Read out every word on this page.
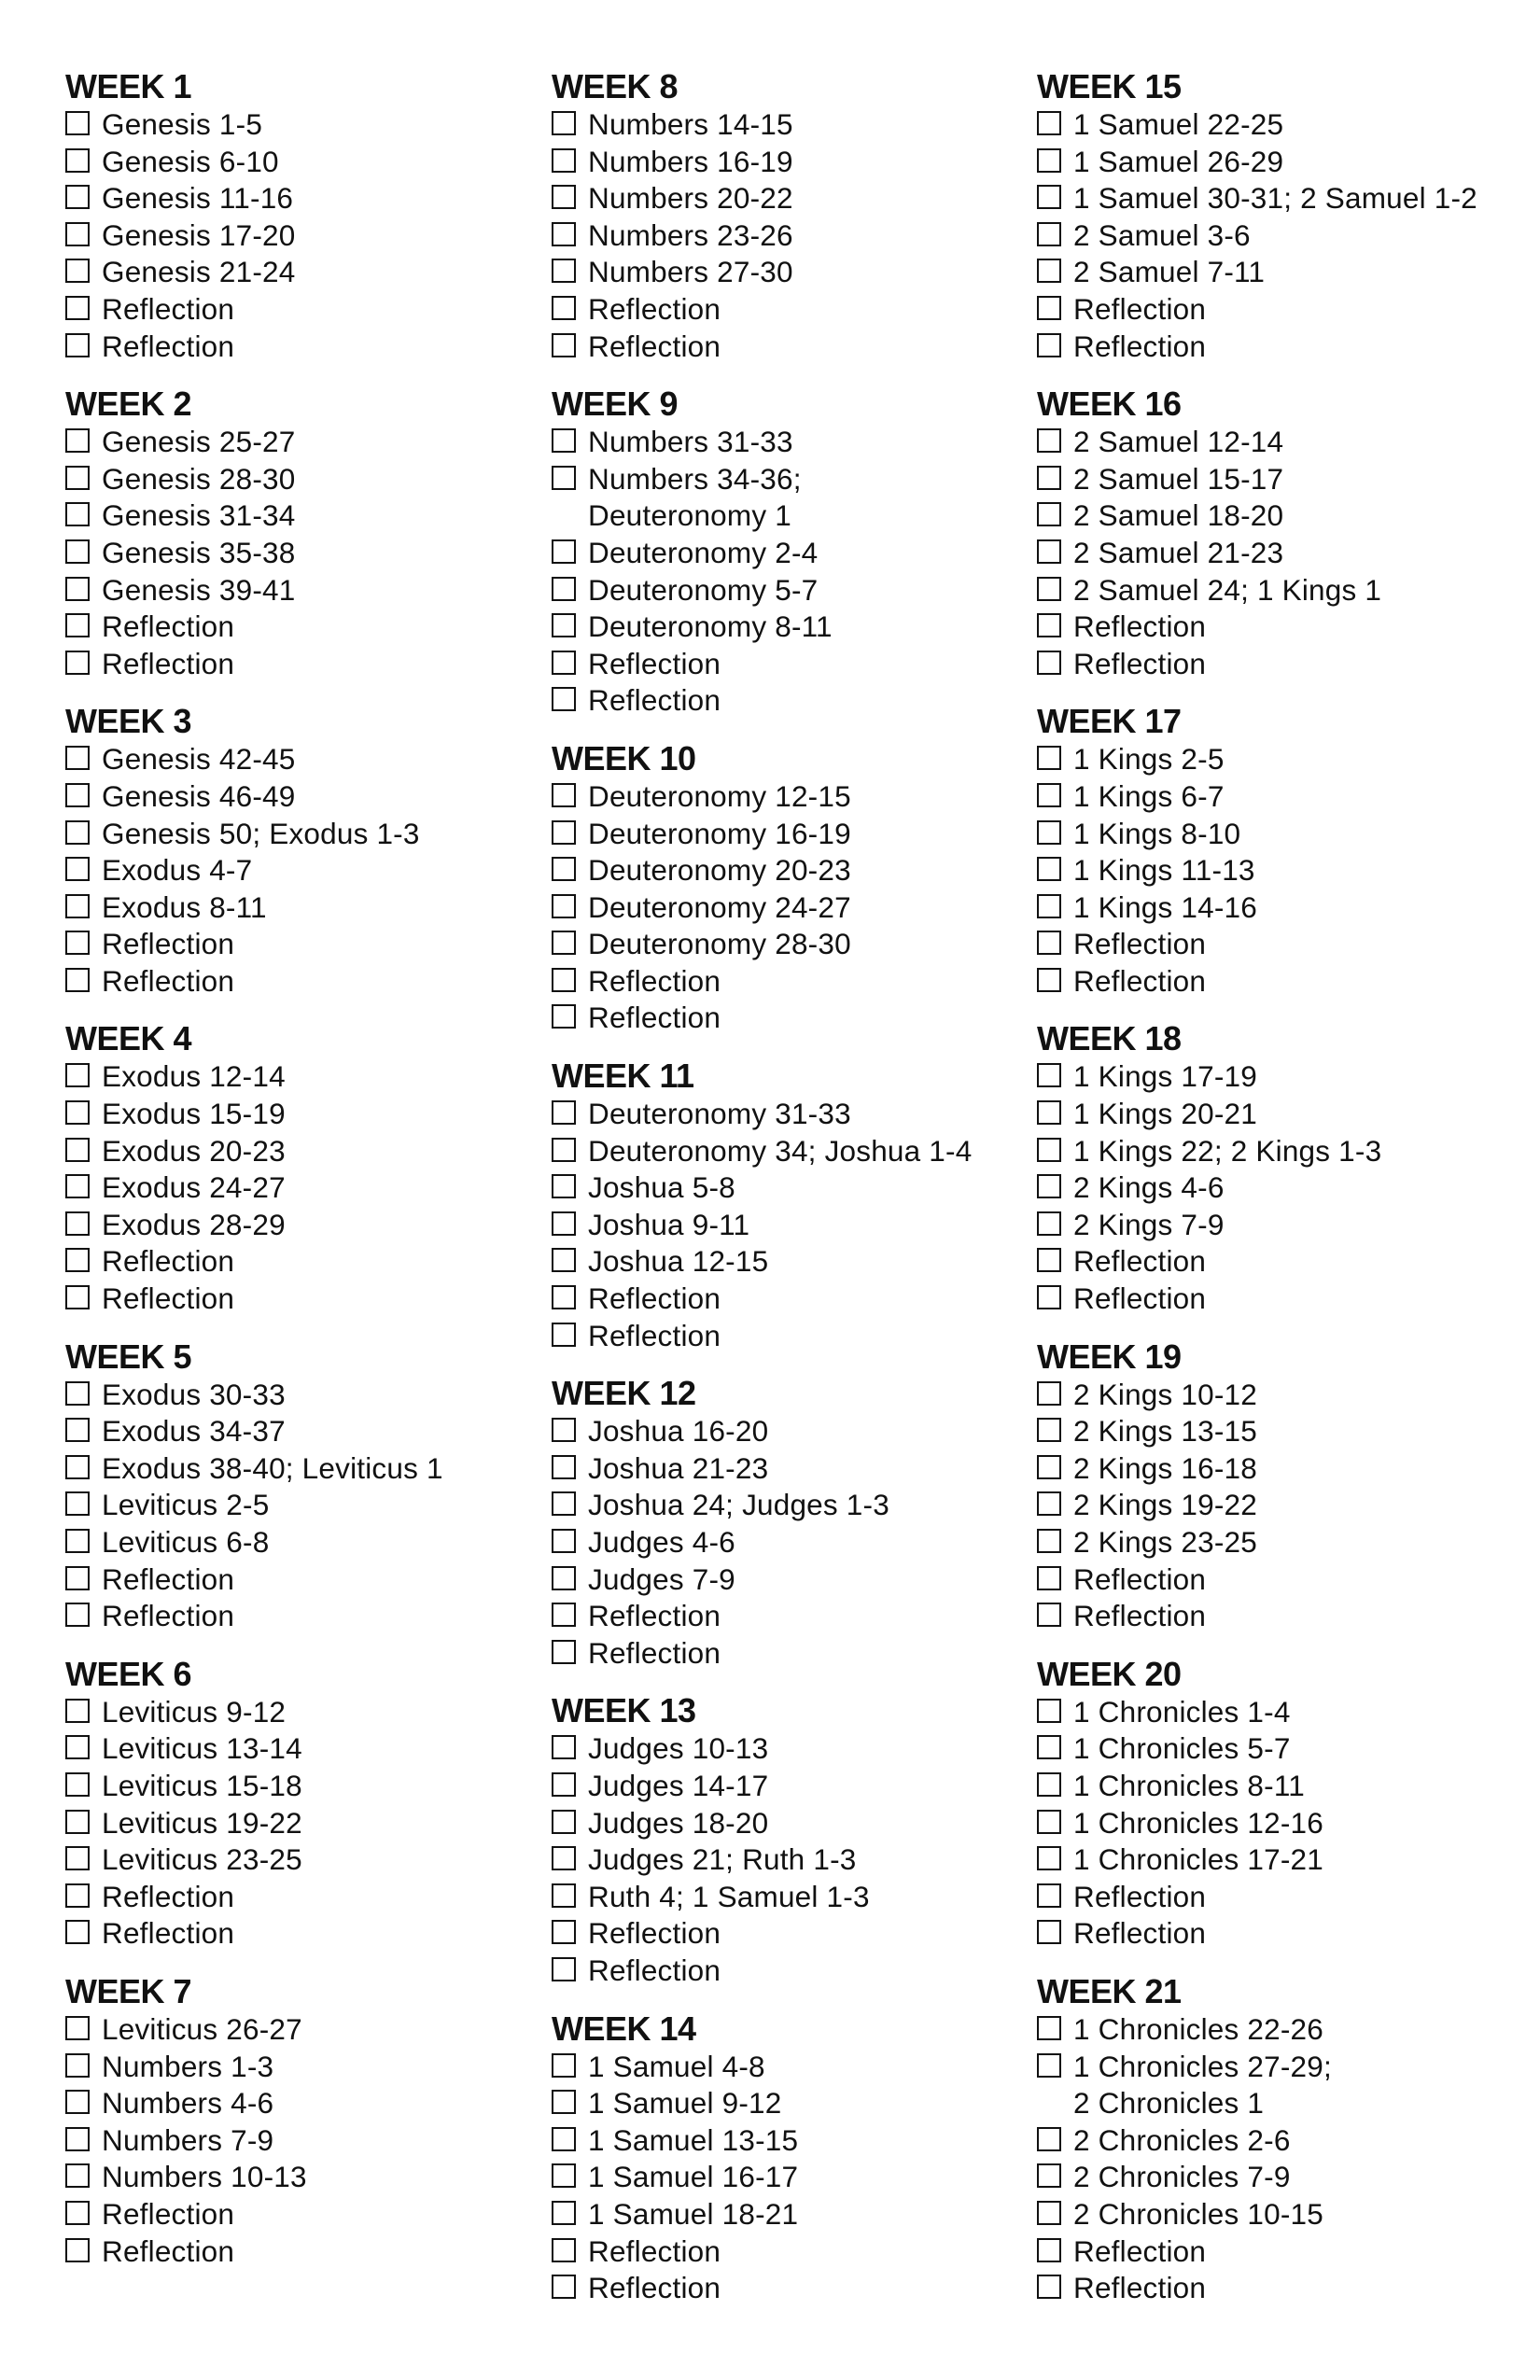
WEEK 1
Genesis 1-5
Genesis 6-10
Genesis 11-16
Genesis 17-20
Genesis 21-24
Reflection
Reflection
WEEK 2
Genesis 25-27
Genesis 28-30
Genesis 31-34
Genesis 35-38
Genesis 39-41
Reflection
Reflection
WEEK 3
Genesis 42-45
Genesis 46-49
Genesis 50; Exodus 1-3
Exodus 4-7
Exodus 8-11
Reflection
Reflection
WEEK 4
Exodus 12-14
Exodus 15-19
Exodus 20-23
Exodus 24-27
Exodus 28-29
Reflection
Reflection
WEEK 5
Exodus 30-33
Exodus 34-37
Exodus 38-40; Leviticus 1
Leviticus 2-5
Leviticus 6-8
Reflection
Reflection
WEEK 6
Leviticus 9-12
Leviticus 13-14
Leviticus 15-18
Leviticus 19-22
Leviticus 23-25
Reflection
Reflection
WEEK 7
Leviticus 26-27
Numbers 1-3
Numbers 4-6
Numbers 7-9
Numbers 10-13
Reflection
Reflection
WEEK 8
Numbers 14-15
Numbers 16-19
Numbers 20-22
Numbers 23-26
Numbers 27-30
Reflection
Reflection
WEEK 9
Numbers 31-33
Numbers 34-36;
Deuteronomy 1
Deuteronomy 2-4
Deuteronomy 5-7
Deuteronomy 8-11
Reflection
Reflection
WEEK 10
Deuteronomy 12-15
Deuteronomy 16-19
Deuteronomy 20-23
Deuteronomy 24-27
Deuteronomy 28-30
Reflection
Reflection
WEEK 11
Deuteronomy 31-33
Deuteronomy 34; Joshua 1-4
Joshua 5-8
Joshua 9-11
Joshua 12-15
Reflection
Reflection
WEEK 12
Joshua 16-20
Joshua 21-23
Joshua 24; Judges 1-3
Judges 4-6
Judges 7-9
Reflection
Reflection
WEEK 13
Judges 10-13
Judges 14-17
Judges 18-20
Judges 21; Ruth 1-3
Ruth 4; 1 Samuel 1-3
Reflection
Reflection
WEEK 14
1 Samuel 4-8
1 Samuel 9-12
1 Samuel 13-15
1 Samuel 16-17
1 Samuel 18-21
Reflection
Reflection
WEEK 15
1 Samuel 22-25
1 Samuel 26-29
1 Samuel 30-31; 2 Samuel 1-2
2 Samuel 3-6
2 Samuel 7-11
Reflection
Reflection
WEEK 16
2 Samuel 12-14
2 Samuel 15-17
2 Samuel 18-20
2 Samuel 21-23
2 Samuel 24; 1 Kings 1
Reflection
Reflection
WEEK 17
1 Kings 2-5
1 Kings 6-7
1 Kings 8-10
1 Kings 11-13
1 Kings 14-16
Reflection
Reflection
WEEK 18
1 Kings 17-19
1 Kings 20-21
1 Kings 22; 2 Kings 1-3
2 Kings 4-6
2 Kings 7-9
Reflection
Reflection
WEEK 19
2 Kings 10-12
2 Kings 13-15
2 Kings 16-18
2 Kings 19-22
2 Kings 23-25
Reflection
Reflection
WEEK 20
1 Chronicles 1-4
1 Chronicles 5-7
1 Chronicles 8-11
1 Chronicles 12-16
1 Chronicles 17-21
Reflection
Reflection
WEEK 21
1 Chronicles 22-26
1 Chronicles 27-29;
2 Chronicles 1
2 Chronicles 2-6
2 Chronicles 7-9
2 Chronicles 10-15
Reflection
Reflection
